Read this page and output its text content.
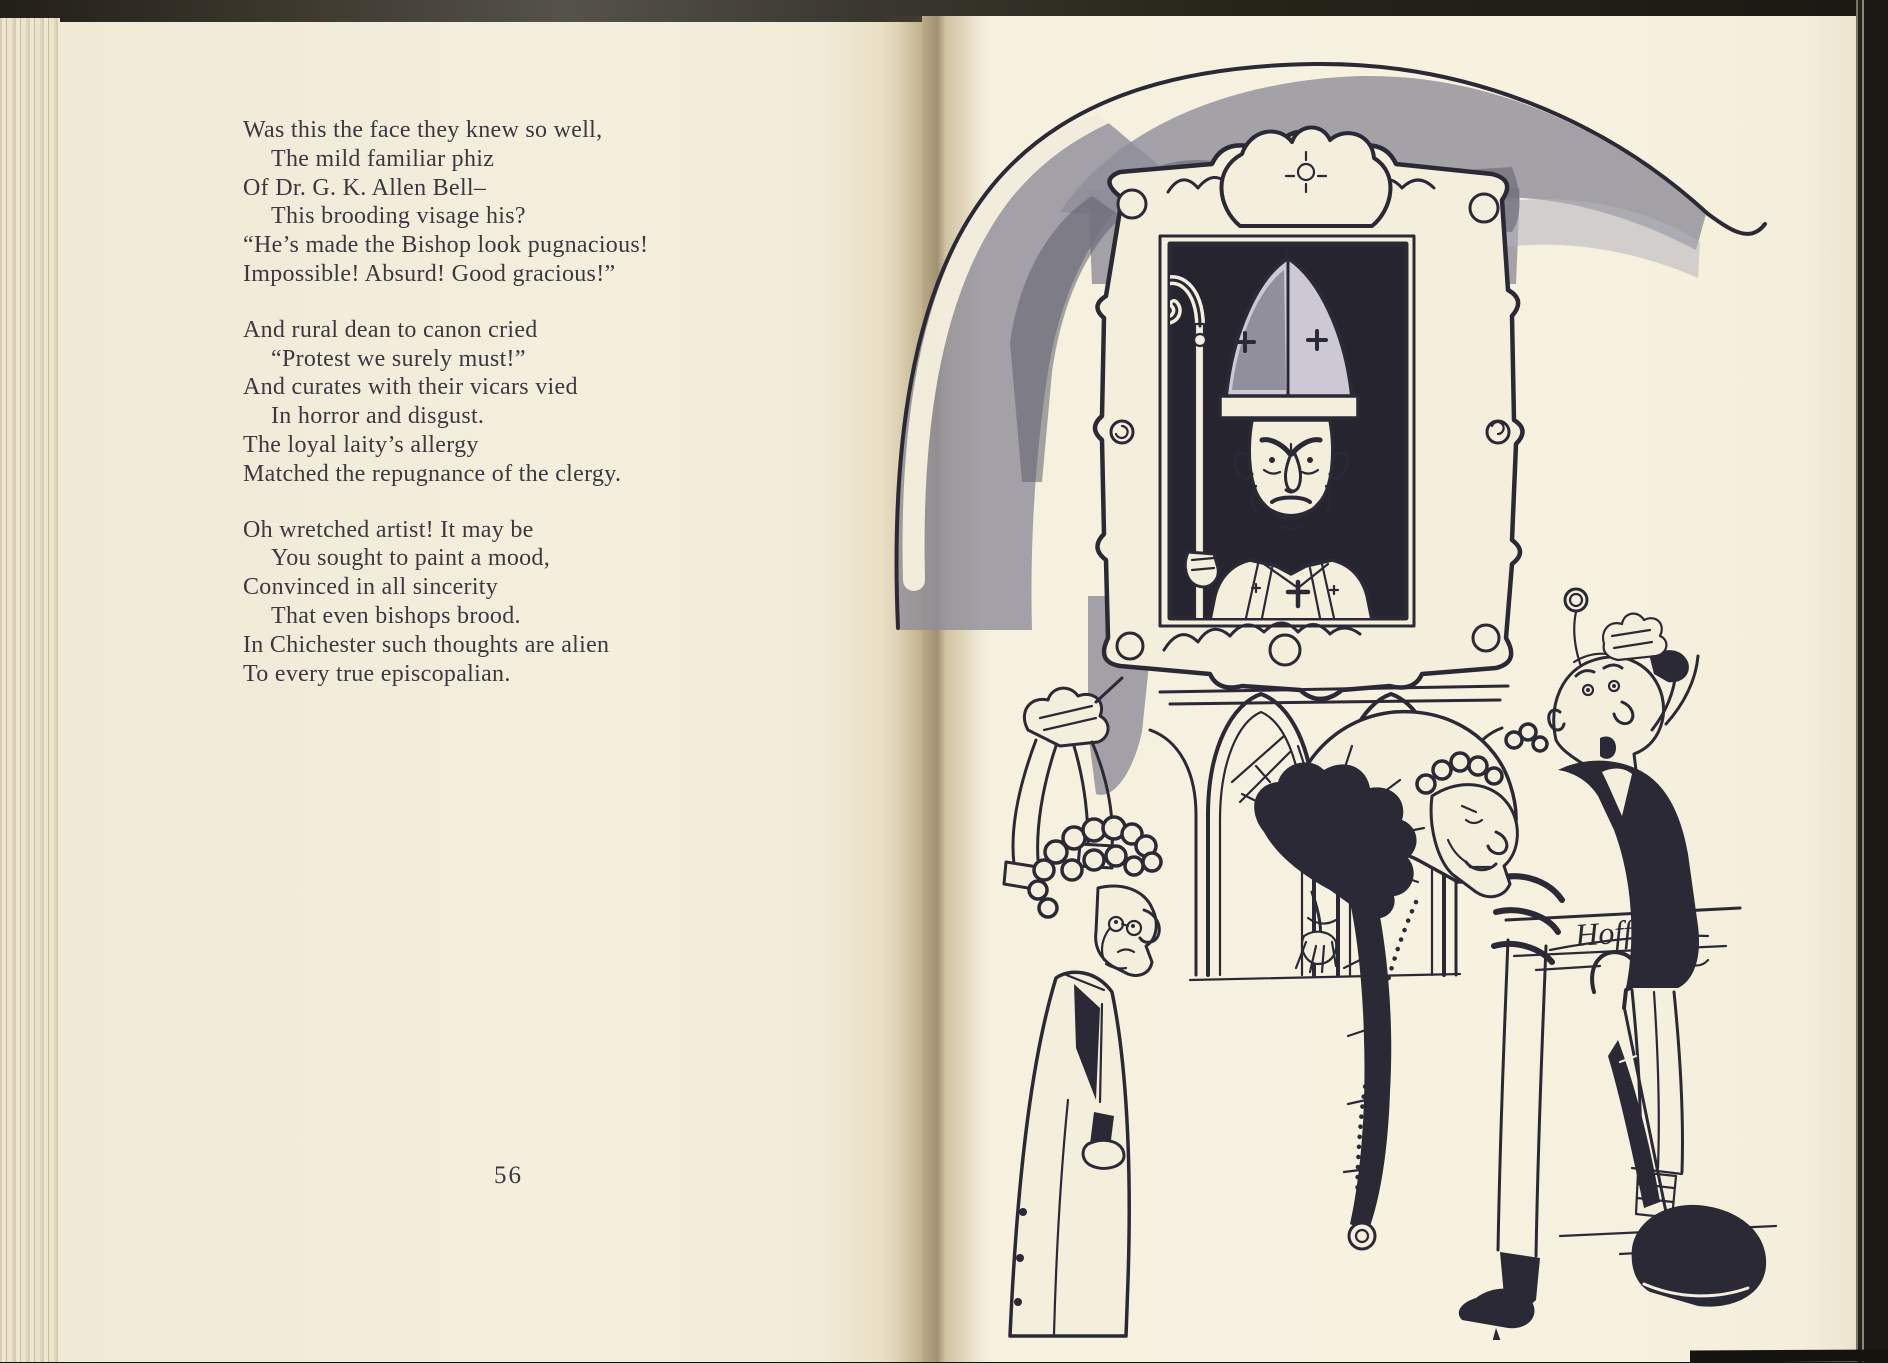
Was this the face they knew so well,

The mild familiar phiz

Of Dr. G. K. Allen Bell–

This brooding visage his?

“He’s made the Bishop look pugnacious!

Impossible! Absurd! Good gracious!”

And rural dean to canon cried

“Protest we surely must!”

And curates with their vicars vied

In horror and disgust.

The loyal laity’s allergy

Matched the repugnance of the clergy.

Oh wretched artist! It may be

You sought to paint a mood,

Convinced in all sincerity

That even bishops brood.

In Chichester such thoughts are alien

To every true episcopalian.

56
Hoffnung
